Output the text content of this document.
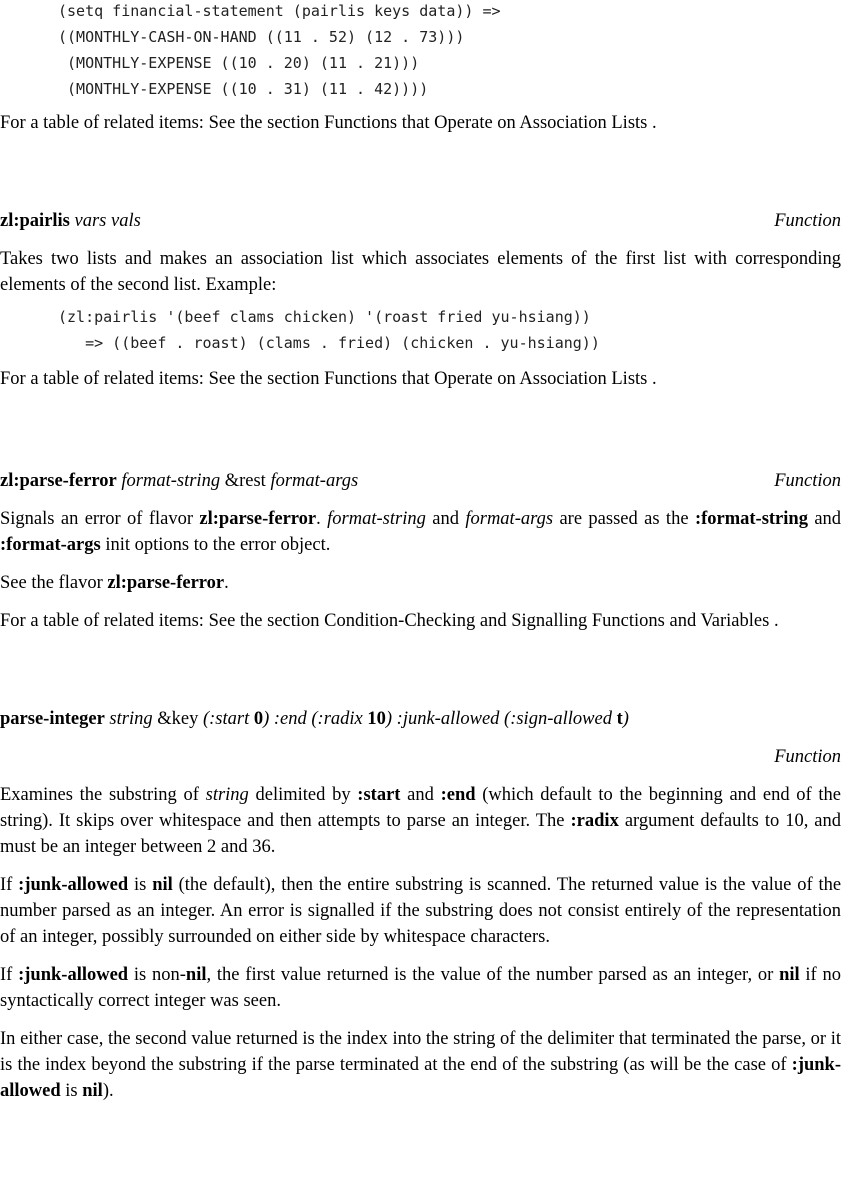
(setq financial-statement (pairlis keys data)) =>
((MONTHLY-CASH-ON-HAND ((11 . 52) (12 . 73)))
(MONTHLY-EXPENSE ((10 . 20) (11 . 21)))
(MONTHLY-EXPENSE ((10 . 31) (11 . 42))))

For a table of related items: See the section Functions that Operate on Association Lists .

zl:pairlis vars vals	Function

Takes two lists and makes an association list which associates elements of the first list with corresponding elements of the second list. Example:

(zl:pairlis '(beef clams chicken) '(roast fried yu-hsiang))
=> ((beef . roast) (clams . fried) (chicken . yu-hsiang))

For a table of related items: See the section Functions that Operate on Association Lists .

zl:parse-ferror format-string &rest format-args	Function

Signals an error of flavor zl:parse-ferror. format-string and format-args are passed as the :format-string and :format-args init options to the error object.

See the flavor zl:parse-ferror.

For a table of related items: See the section Condition-Checking and Signalling Functions and Variables .

parse-integer string &key (:start 0) :end (:radix 10) :junk-allowed (:sign-allowed t)
Function

Examines the substring of string delimited by :start and :end (which default to the beginning and end of the string). It skips over whitespace and then attempts to parse an integer. The :radix argument defaults to 10, and must be an integer between 2 and 36.

If :junk-allowed is nil (the default), then the entire substring is scanned. The returned value is the value of the number parsed as an integer. An error is signalled if the substring does not consist entirely of the representation of an integer, possibly surrounded on either side by whitespace characters.

If :junk-allowed is non-nil, the first value returned is the value of the number parsed as an integer, or nil if no syntactically correct integer was seen.

In either case, the second value returned is the index into the string of the delimiter that terminated the parse, or it is the index beyond the substring if the parse terminated at the end of the substring (as will be the case of :junk-allowed is nil).
